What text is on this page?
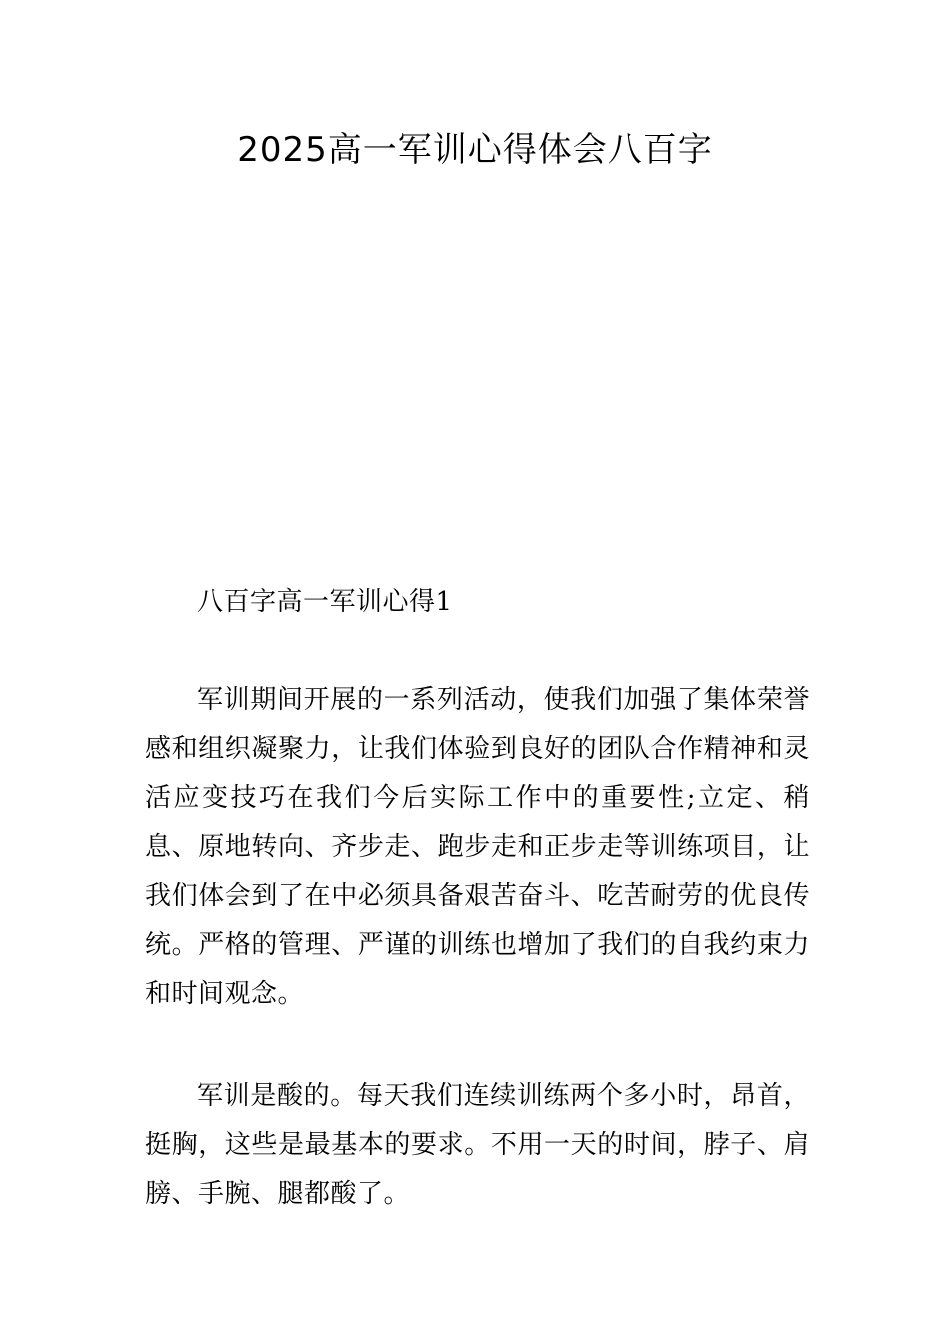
2025高一军训心得体会八百字

八百字高一军训心得1

军训期间开展的一系列活动，使我们加强了集体荣誉感和组织凝聚力，让我们体验到良好的团队合作精神和灵活应变技巧在我们今后实际工作中的重要性;立定、稍息、原地转向、齐步走、跑步走和正步走等训练项目，让我们体会到了在中必须具备艰苦奋斗、吃苦耐劳的优良传统。严格的管理、严谨的训练也增加了我们的自我约束力和时间观念。

军训是酸的。每天我们连续训练两个多小时，昂首，挺胸，这些是最基本的要求。不用一天的时间，脖子、肩膀、手腕、腿都酸了。
